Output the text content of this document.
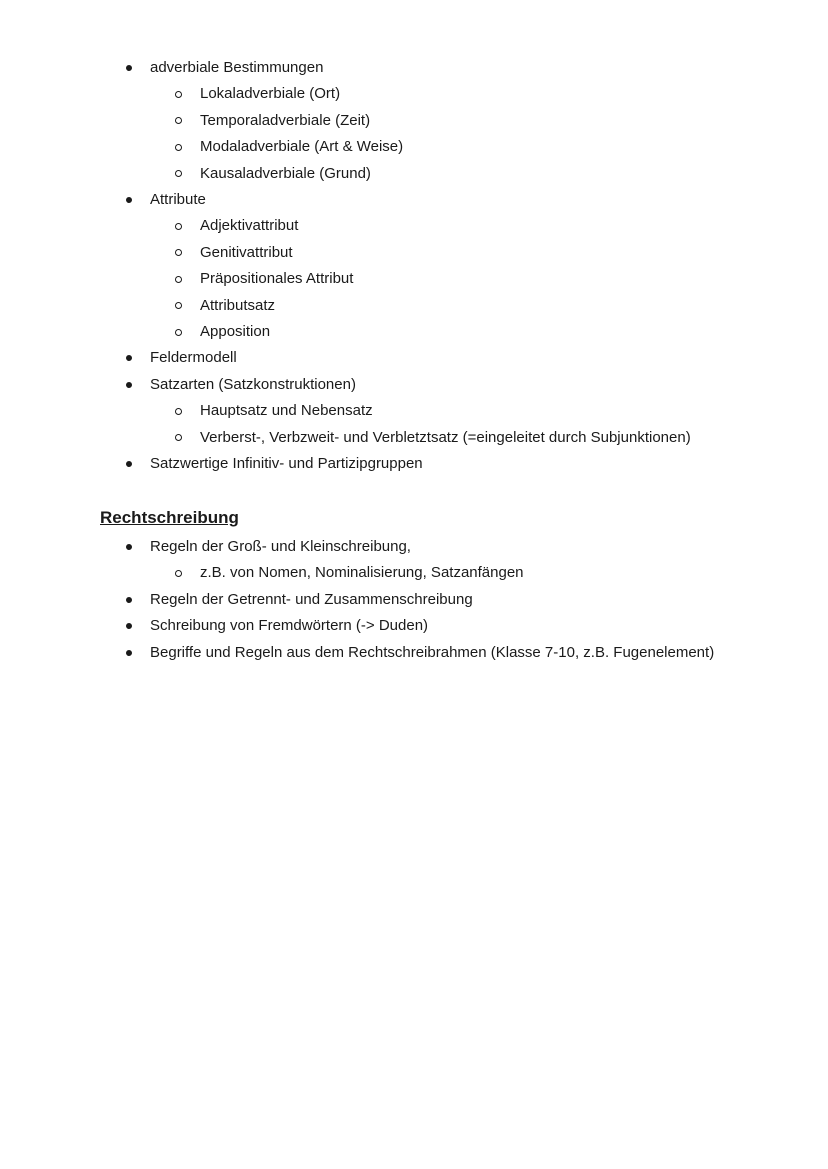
adverbiale Bestimmungen
Lokaladverbiale (Ort)
Temporaladverbiale (Zeit)
Modaladverbiale (Art & Weise)
Kausaladverbiale (Grund)
Attribute
Adjektivattribut
Genitivattribut
Präpositionales Attribut
Attributsatz
Apposition
Feldermodell
Satzarten (Satzkonstruktionen)
Hauptsatz und Nebensatz
Verberst-, Verbzweit- und Verbletztsatz (=eingeleitet durch Subjunktionen)
Satzwertige Infinitiv- und Partizipgruppen
Rechtschreibung
Regeln der Groß- und Kleinschreibung,
z.B. von Nomen, Nominalisierung, Satzanfängen
Regeln der Getrennt- und Zusammenschreibung
Schreibung von Fremdwörtern (-> Duden)
Begriffe und Regeln aus dem Rechtschreibrahmen (Klasse 7-10, z.B. Fugenelement)
